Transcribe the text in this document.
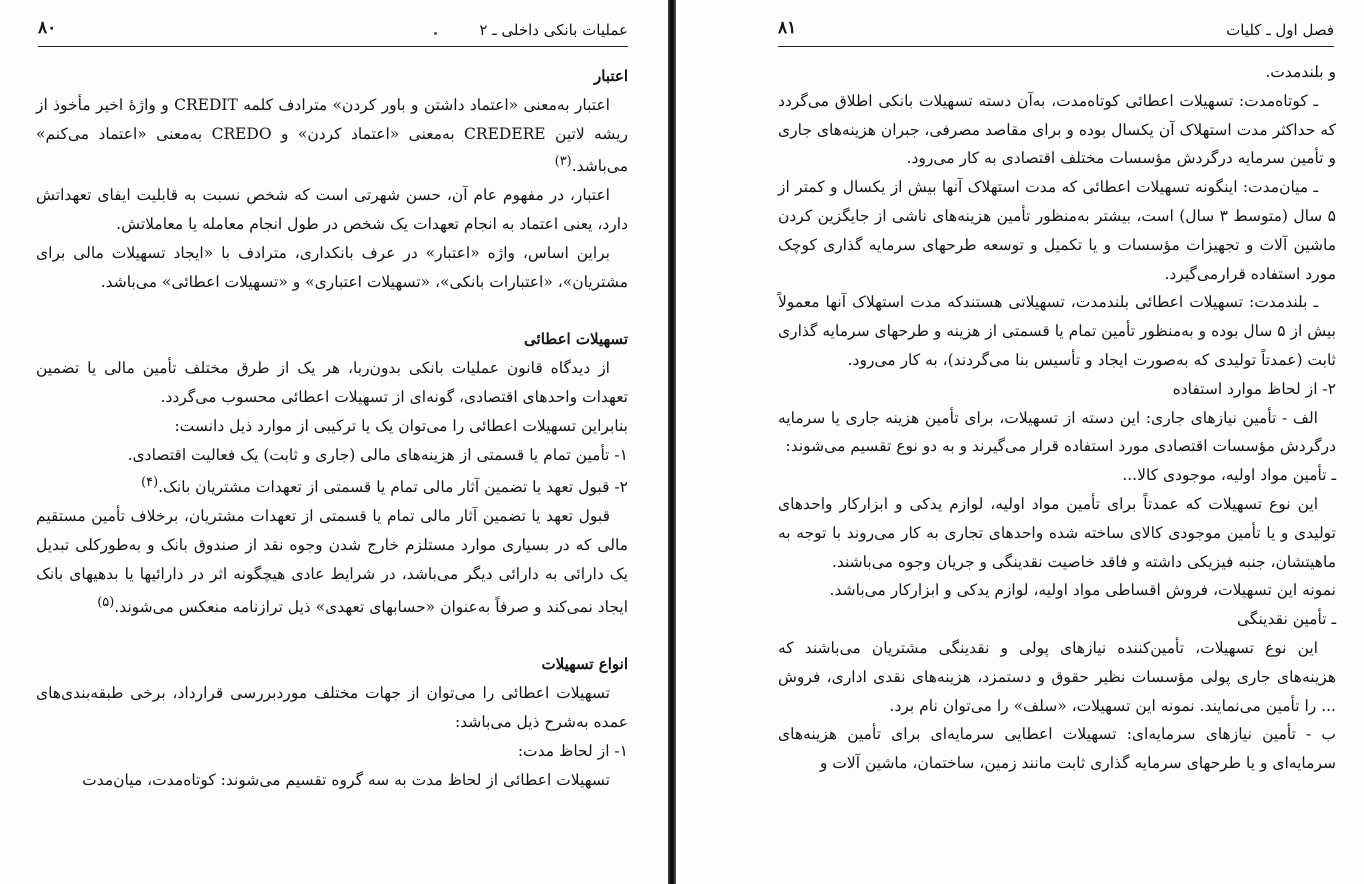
عملیات بانکی داخلی ـ ۲
۸۰
اعتبار

اعتبار به‌معنی «اعتماد داشتن و باور کردن» مترادف کلمه CREDIT و واژهٔ اخیر مأخوذ از ریشه لاتین CREDERE به‌معنی «اعتماد کردن» و CREDO به‌معنی «اعتماد می‌کنم» می‌باشد.$^{(۳)}$

اعتبار، در مفهوم عام آن، حسن شهرتی است که شخص نسبت به قابلیت ایفای تعهداتش دارد، یعنی اعتماد به انجام تعهدات یک شخص در طول انجام معامله یا معاملاتش.

براین اساس، واژه «اعتبار» در عرف بانکداری، مترادف با «ایجاد تسهیلات مالی برای مشتریان»، «اعتبارات بانکی»، «تسهیلات اعتباری» و «تسهیلات اعطائی» می‌باشد.

تسهیلات اعطائی

از دیدگاه قانون عملیات بانکی بدون‌ربا، هر یک از طرق مختلف تأمین مالی یا تضمین تعهدات واحدهای اقتصادی، گونه‌ای از تسهیلات اعطائی محسوب می‌گردد.

بنابراین تسهیلات اعطائی را می‌توان یک یا ترکیبی از موارد ذیل دانست:

۱- تأمین تمام یا قسمتی از هزینه‌های مالی (جاری و ثابت) یک فعالیت اقتصادی.

۲- قبول تعهد یا تضمین آثار مالی تمام یا قسمتی از تعهدات مشتریان بانک.$^{(۴)}$

قبول تعهد یا تضمین آثار مالی تمام یا قسمتی از تعهدات مشتریان، برخلاف تأمین مستقیم مالی که در بسیاری موارد مستلزم خارج شدن وجوه نقد از صندوق بانک و به‌طورکلی تبدیل یک دارائی به دارائی دیگر می‌باشد، در شرایط عادی هیچگونه اثر در دارائیها یا بدهیهای بانک ایجاد نمی‌کند و صرفاً به‌عنوان «حسابهای تعهدی» ذیل ترازنامه منعکس می‌شوند.$^{(۵)}$

انواع تسهیلات

تسهیلات اعطائی را می‌توان از جهات مختلف موردبررسی قرارداد، برخی طبقه‌بندی‌های عمده به‌شرح ذیل می‌باشد:

۱- از لحاظ مدت:

تسهیلات اعطائی از لحاظ مدت به سه گروه تقسیم می‌شوند: کوتاه‌مدت، میان‌مدت

فصل اول ـ کلیات
۸۱

و بلندمدت.

ـ کوتاه‌مدت: تسهیلات اعطائی کوتاه‌مدت، به‌آن دسته تسهیلات بانکی اطلاق می‌گردد که حداکثر مدت استهلاک آن یکسال بوده و برای مقاصد مصرفی، جبران هزینه‌های جاری و تأمین سرمایه درگردش مؤسسات مختلف اقتصادی به کار می‌رود.

ـ میان‌مدت: اینگونه تسهیلات اعطائی که مدت استهلاک آنها بیش از یکسال و کمتر از ۵ سال (متوسط ۳ سال) است، بیشتر به‌منظور تأمین هزینه‌های ناشی از جایگزین کردن ماشین آلات و تجهیزات مؤسسات و یا تکمیل و توسعه طرحهای سرمایه گذاری کوچک مورد استفاده قرارمی‌گیرد.

ـ بلندمدت: تسهیلات اعطائی بلندمدت، تسهیلاتی هستندکه مدت استهلاک آنها معمولاً بیش از ۵ سال بوده و به‌منظور تأمین تمام یا قسمتی از هزینه و طرحهای سرمایه گذاری ثابت (عمدتاً تولیدی که به‌صورت ایجاد و تأسیس بنا می‌گردند)، به کار می‌رود.

۲- از لحاظ موارد استفاده

الف - تأمین نیازهای جاری: این دسته از تسهیلات، برای تأمین هزینه جاری یا سرمایه درگردش مؤسسات اقتصادی مورد استفاده قرار می‌گیرند و به دو نوع تقسیم می‌شوند:

ـ تأمین مواد اولیه، موجودی کالا...

این نوع تسهیلات که عمدتاً برای تأمین مواد اولیه، لوازم یدکی و ابزارکار واحدهای تولیدی و یا تأمین موجودی کالای ساخته شده واحدهای تجاری به کار می‌روند با توجه به ماهیتشان، جنبه فیزیکی داشته و فاقد خاصیت نقدینگی و جریان وجوه می‌باشند.

نمونه این تسهیلات، فروش اقساطی مواد اولیه، لوازم یدکی و ابزارکار می‌باشد.

ـ تأمین نقدینگی

این نوع تسهیلات، تأمین‌کننده نیازهای پولی و نقدینگی مشتریان می‌باشند که هزینه‌های جاری پولی مؤسسات نظیر حقوق و دستمزد، هزینه‌های نقدی اداری، فروش ... را تأمین می‌نمایند. نمونه این تسهیلات، «سلف» را می‌توان نام برد.

ب - تأمین نیازهای سرمایه‌ای: تسهیلات اعطایی سرمایه‌ای برای تأمین هزینه‌های سرمایه‌ای و یا طرحهای سرمایه گذاری ثابت مانند زمین، ساختمان، ماشین آلات و
